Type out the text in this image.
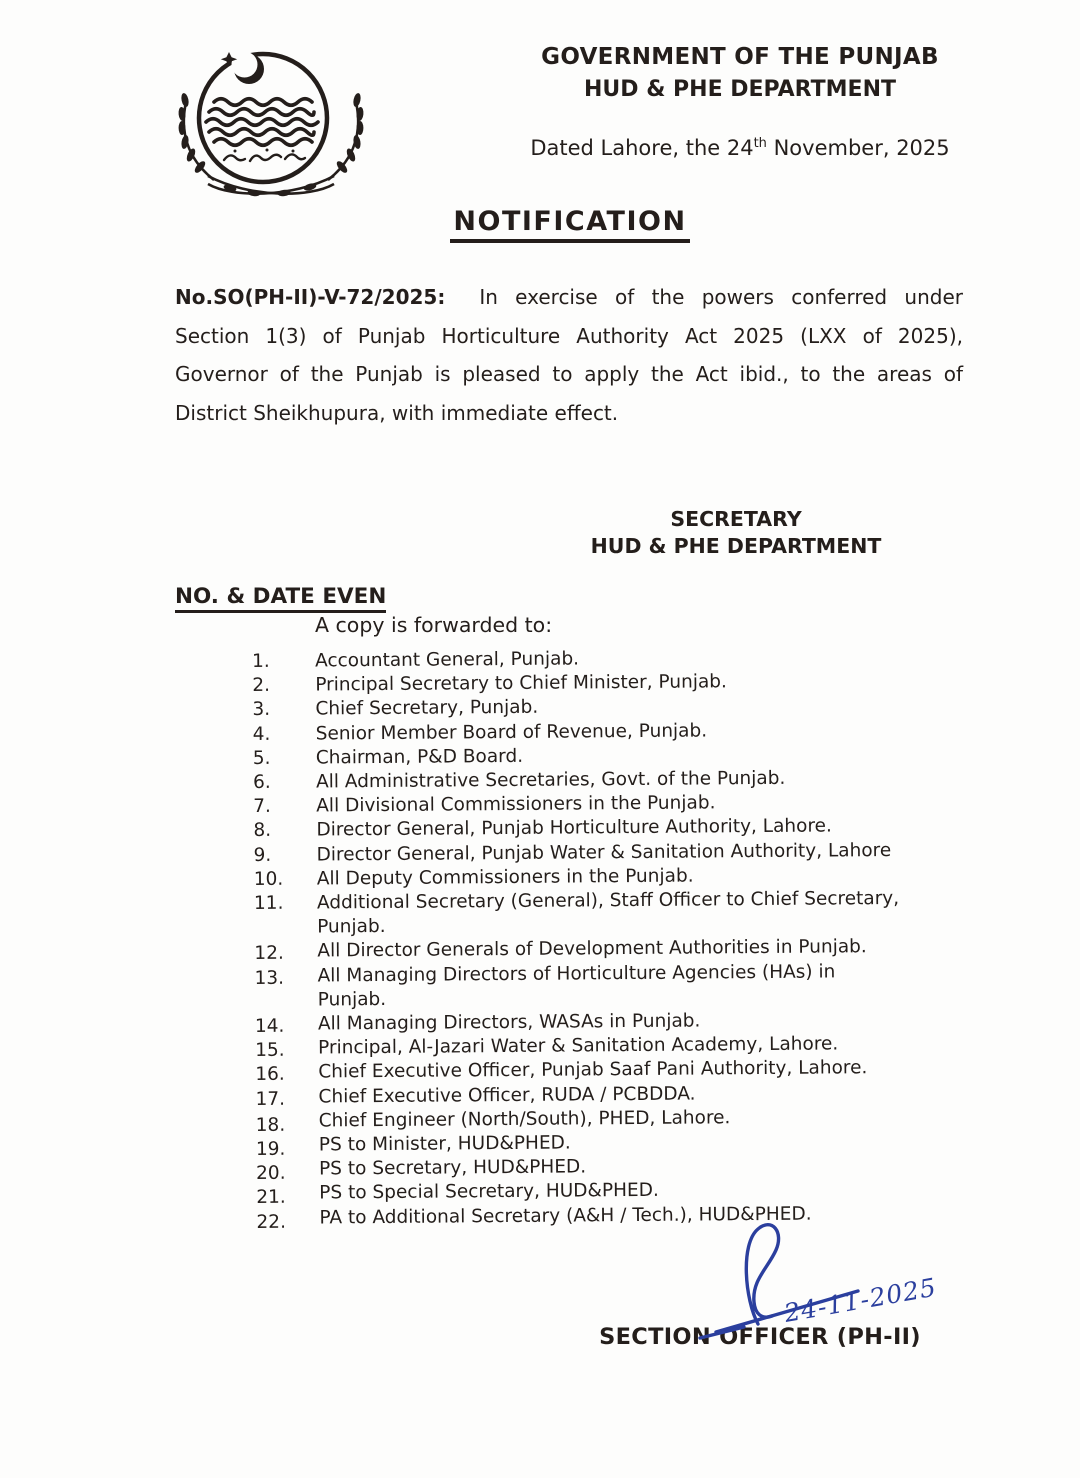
GOVERNMENT OF THE PUNJAB
HUD & PHE DEPARTMENT
Dated Lahore, the 24th November, 2025
NOTIFICATION
No.SO(PH-II)-V-72/2025: In exercise of the powers conferred under
Section 1(3) of Punjab Horticulture Authority Act 2025 (LXX of 2025),
Governor of the Punjab is pleased to apply the Act ibid., to the areas of
District Sheikhupura, with immediate effect.
SECRETARY
HUD & PHE DEPARTMENT
NO. & DATE EVEN
A copy is forwarded to:
1.	Accountant General, Punjab.
2.	Principal Secretary to Chief Minister, Punjab.
3.	Chief Secretary, Punjab.
4.	Senior Member Board of Revenue, Punjab.
5.	Chairman, P&D Board.
6.	All Administrative Secretaries, Govt. of the Punjab.
7.	All Divisional Commissioners in the Punjab.
8.	Director General, Punjab Horticulture Authority, Lahore.
9.	Director General, Punjab Water & Sanitation Authority, Lahore
10.	All Deputy Commissioners in the Punjab.
11.	Additional Secretary (General), Staff Officer to Chief Secretary,
Punjab.
12.	All Director Generals of Development Authorities in Punjab.
13.	All Managing Directors of Horticulture Agencies (HAs) in
Punjab.
14.	All Managing Directors, WASAs in Punjab.
15.	Principal, Al-Jazari Water & Sanitation Academy, Lahore.
16.	Chief Executive Officer, Punjab Saaf Pani Authority, Lahore.
17.	Chief Executive Officer, RUDA / PCBDDA.
18.	Chief Engineer (North/South), PHED, Lahore.
19.	PS to Minister, HUD&PHED.
20.	PS to Secretary, HUD&PHED.
21.	PS to Special Secretary, HUD&PHED.
22.	PA to Additional Secretary (A&H / Tech.), HUD&PHED.
24-11-2025
SECTION OFFICER (PH-II)
